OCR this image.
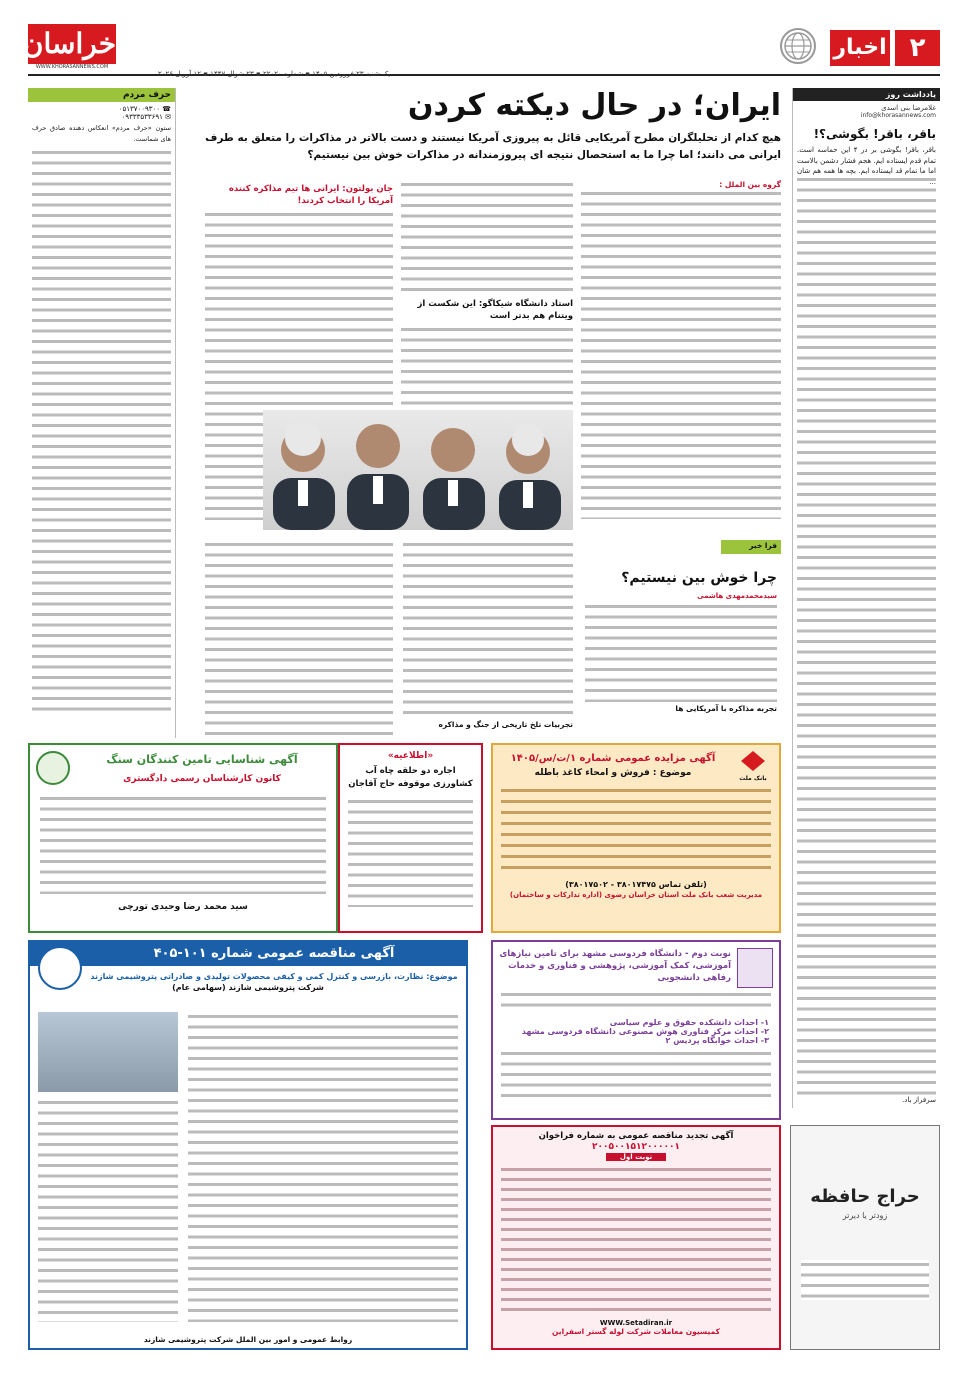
۲
اخبار
خراسان
WWW.KHORASANNEWS.COM
یک شنبه ۲۳ فروردین ۱۴۰۵ ▪ شماره ۲۲۰۲۰ ▪ ۲۳ شوال ۱۴۴۷ ▪ ۱۲ آوریل ۲۰۲۶
یادداشت روز
غلامرضا بنی اسدی
info@khorasannews.com
باقر، باقر! بگوشی؟!
باقر، باقر! بگوشی بر در ۴ این حماسه است. تمام قدم ایستاده ایم. هجم فشار دشمن بالاست اما ما تمام قد ایستاده ایم. بچه ها همه هم شان ...
سرفراز باد.
ایران؛ در حال دیکته کردن
هیچ کدام از تحلیلگران مطرح آمریکایی قائل به پیروزی آمریکا نیستند و دست بالاتر در مذاکرات را متعلق به طرف ایرانی می دانند؛ اما چرا ما به استحصال نتیجه ای پیروزمندانه در مذاکرات خوش بین نیستیم؟
گروه بین الملل :
استاد دانشگاه شیکاگو: این شکست از ویتنام هم بدتر است
جان بولتون: ایرانی ها تیم مذاکره کننده آمریکا را انتخاب کردند!
فرا خبر
چرا خوش بین نیستیم؟
سیدمحمدمهدی هاشمی
تجربه مذاکره با آمریکایی ها
تجربیات تلخ تاریخی از جنگ و مذاکره
حرف مردم
۰۵۱۳۷۰۰۹۳۰۰ ☎
۰۹۳۳۳۵۳۳۶۹۱ ✉
ستون «حرف مردم» انعکاس دهنده صادق حرف های شماست.
بانک ملت
آگهی مزایده عمومی شماره ۱/ت/س/۱۴۰۵
موضوع : فروش و امحاء کاغذ باطله
(تلفن تماس ۳۸۰۱۷۴۷۵ - ۳۸۰۱۷۵۰۲)
مدیریت شعب بانک ملت استان خراسان رضوی (اداره تدارکات و ساختمان)
«اطلاعیه»
اجاره دو حلقه چاه آب کشاورزی موقوفه حاج آقاجان
آگهی شناسایی تامین کنندگان سنگ
کانون کارشناسان رسمی دادگستری
سید محمد رضا وحیدی تورچی
نوبت دوم - دانشگاه فردوسی مشهد برای تامین نیازهای آموزشی، کمک آموزشی، پژوهشی و فناوری و خدمات رفاهی دانشجویی
۱- احداث دانشکده حقوق و علوم سیاسی
۲- احداث مرکز فناوری هوش مصنوعی دانشگاه فردوسی مشهد
۳- احداث خوابگاه پردیس ۲
آگهی تجدید مناقصه عمومی به شماره فراخوان
۲۰۰۵۰۰۱۵۱۲۰۰۰۰۰۱
نوبت اول
WWW.Setadiran.ir
کمیسیون معاملات شرکت لوله گستر اسفراین
آگهی مناقصه عمومی شماره ۱۰۱-۴۰۵
موضوع: نظارت، بازرسی و کنترل کمی و کیفی محصولات تولیدی و صادراتی پتروشیمی شازند
شرکت پتروشیمی شازند (سهامی عام)
روابط عمومی و امور بین الملل شرکت پتروشیمی شازند
حراج حافظه
زودتر یا دیرتر
